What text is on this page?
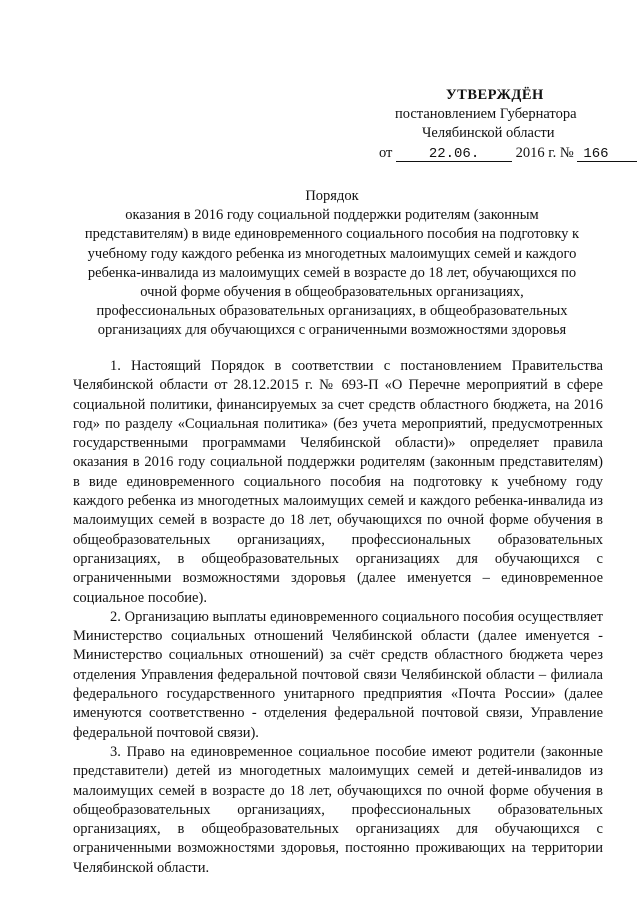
УТВЕРЖДЁН
постановлением Губернатора
Челябинской области
от	22.06.	2016 г. № 166
Порядок
оказания в 2016 году социальной поддержки родителям (законным
представителям) в виде единовременного социального пособия на подготовку к
учебному году каждого ребенка из многодетных малоимущих семей и каждого
ребенка-инвалида из малоимущих семей в возрасте до 18 лет, обучающихся по
очной форме обучения в общеобразовательных организациях,
профессиональных образовательных организациях, в общеобразовательных
организациях для обучающихся с ограниченными возможностями здоровья

1. Настоящий Порядок в соответствии с постановлением Правительства Челябинской области от 28.12.2015 г. № 693-П «О Перечне мероприятий в сфере социальной политики, финансируемых за счет средств областного бюджета, на 2016 год» по разделу «Социальная политика» (без учета мероприятий, предусмотренных государственными программами Челябинской области)» определяет правила оказания в 2016 году социальной поддержки родителям (законным представителям) в виде единовременного социального пособия на подготовку к учебному году каждого ребенка из многодетных малоимущих семей и каждого ребенка-инвалида из малоимущих семей в возрасте до 18 лет, обучающихся по очной форме обучения в общеобразовательных организациях, профессиональных образовательных организациях, в общеобразовательных организациях для обучающихся с ограниченными возможностями здоровья (далее именуется – единовременное социальное пособие).

2. Организацию выплаты единовременного социального пособия осуществляет Министерство социальных отношений Челябинской области (далее именуется - Министерство социальных отношений) за счёт средств областного бюджета через отделения Управления федеральной почтовой связи Челябинской области – филиала федерального государственного унитарного предприятия «Почта России» (далее именуются соответственно - отделения федеральной почтовой связи, Управление федеральной почтовой связи).

3. Право на единовременное социальное пособие имеют родители (законные представители) детей из многодетных малоимущих семей и детей-инвалидов из малоимущих семей в возрасте до 18 лет, обучающихся по очной форме обучения в общеобразовательных организациях, профессиональных образовательных организациях, в общеобразовательных организациях для обучающихся с ограниченными возможностями здоровья, постоянно проживающих на территории Челябинской области.
